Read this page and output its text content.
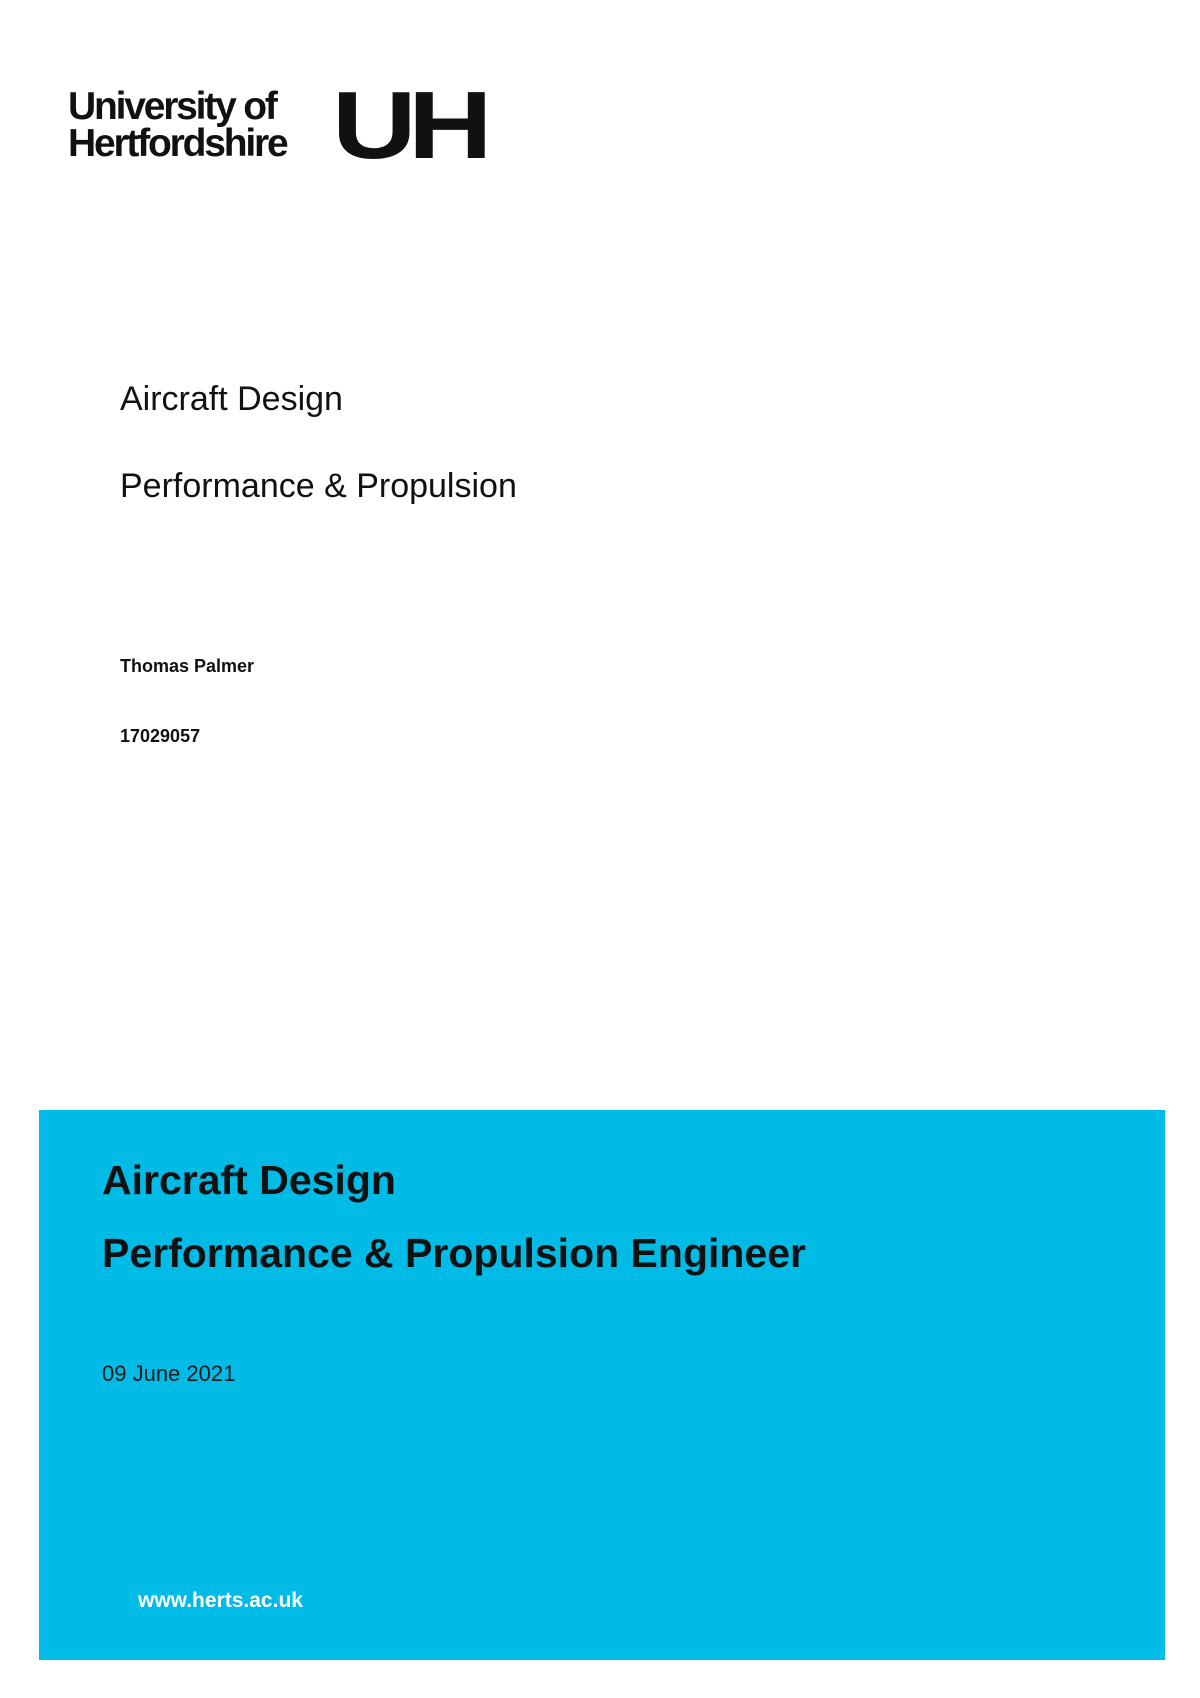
University of
Hertfordshire UH
Aircraft Design
Performance & Propulsion
Thomas Palmer
17029057
Aircraft Design
Performance & Propulsion Engineer
09 June 2021
www.herts.ac.uk
